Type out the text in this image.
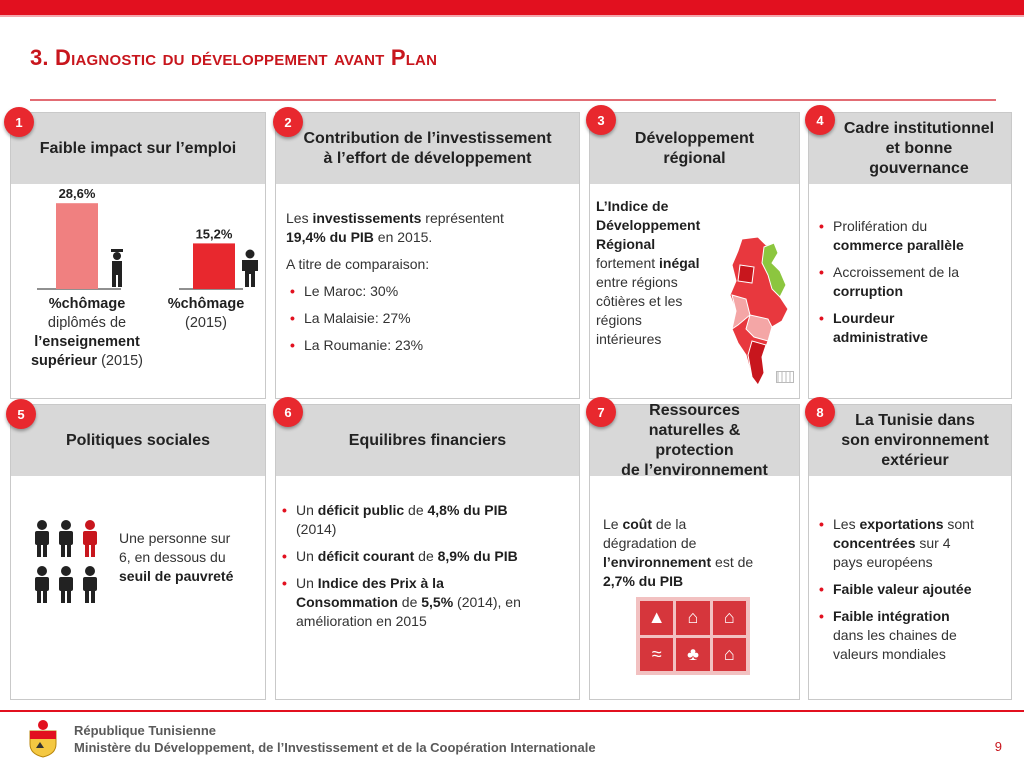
3. Diagnostic du développement avant Plan
1
Faible impact sur l’emploi
28,6%
15,2%
%chômage
diplômés de
l’enseignement
supérieur (2015)
%chômage
(2015)
2
Contribution de l’investissement
à l’effort de développement
Les investissements représentent
19,4% du PIB en 2015.
A titre de comparaison:
• Le Maroc: 30%
• La Malaisie: 27%
• La Roumanie: 23%
3
Développement
régional
L’Indice de
Développement
Régional
fortement inégal
entre régions
côtières et les
régions
intérieures
4	Cadre institutionnel
et bonne
gouvernance
• Prolifération du
commerce parallèle
• Accroissement de la
corruption
• Lourdeur
administrative
5
Politiques sociales
Une personne sur
6, en dessous du
seuil de pauvreté
6
Equilibres financiers
• Un déficit public de 4,8% du PIB
(2014)
• Un déficit courant de 8,9% du PIB
• Un Indice des Prix à la
Consommation de 5,5% (2014), en
amélioration en 2015
7	Ressources
naturelles & protection
de l’environnement
Le coût de la
dégradation de
l’environnement est de
2,7% du PIB
▲	⌂	⌂
≈	♣	⌂
8	La Tunisie dans
son environnement
extérieur
• Les exportations sont
concentrées sur 4
pays européens
• Faible valeur ajoutée
• Faible intégration
dans les chaines de
valeurs mondiales
République Tunisienne
Ministère du Développement, de l’Investissement et de la Coopération Internationale	9
